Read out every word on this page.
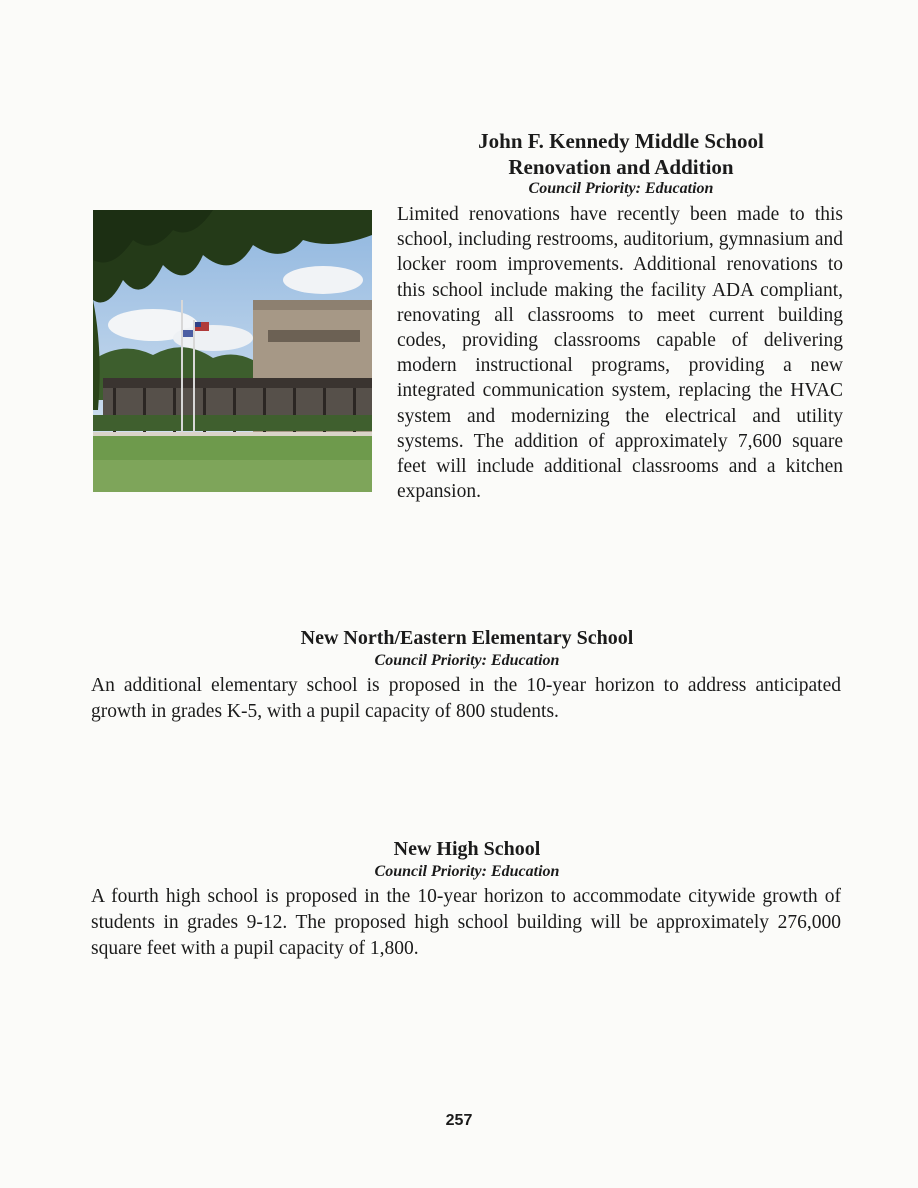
John F. Kennedy Middle School
Renovation and Addition
Council Priority: Education
Limited renovations have recently been made to this school, including restrooms, auditorium, gymnasium and locker room improvements. Additional renovations to this school include making the facility ADA compliant, renovating all classrooms to meet current building codes, providing classrooms capable of delivering modern instructional programs, providing a new integrated communication system, replacing the HVAC system and modernizing the electrical and utility systems. The addition of approximately 7,600 square feet will include additional classrooms and a kitchen expansion.
New North/Eastern Elementary School
Council Priority: Education
An additional elementary school is proposed in the 10-year horizon to address anticipated growth in grades K-5, with a pupil capacity of 800 students.
New High School
Council Priority: Education
A fourth high school is proposed in the 10-year horizon to accommodate citywide growth of students in grades 9-12. The proposed high school building will be approximately 276,000 square feet with a pupil capacity of 1,800.
257
